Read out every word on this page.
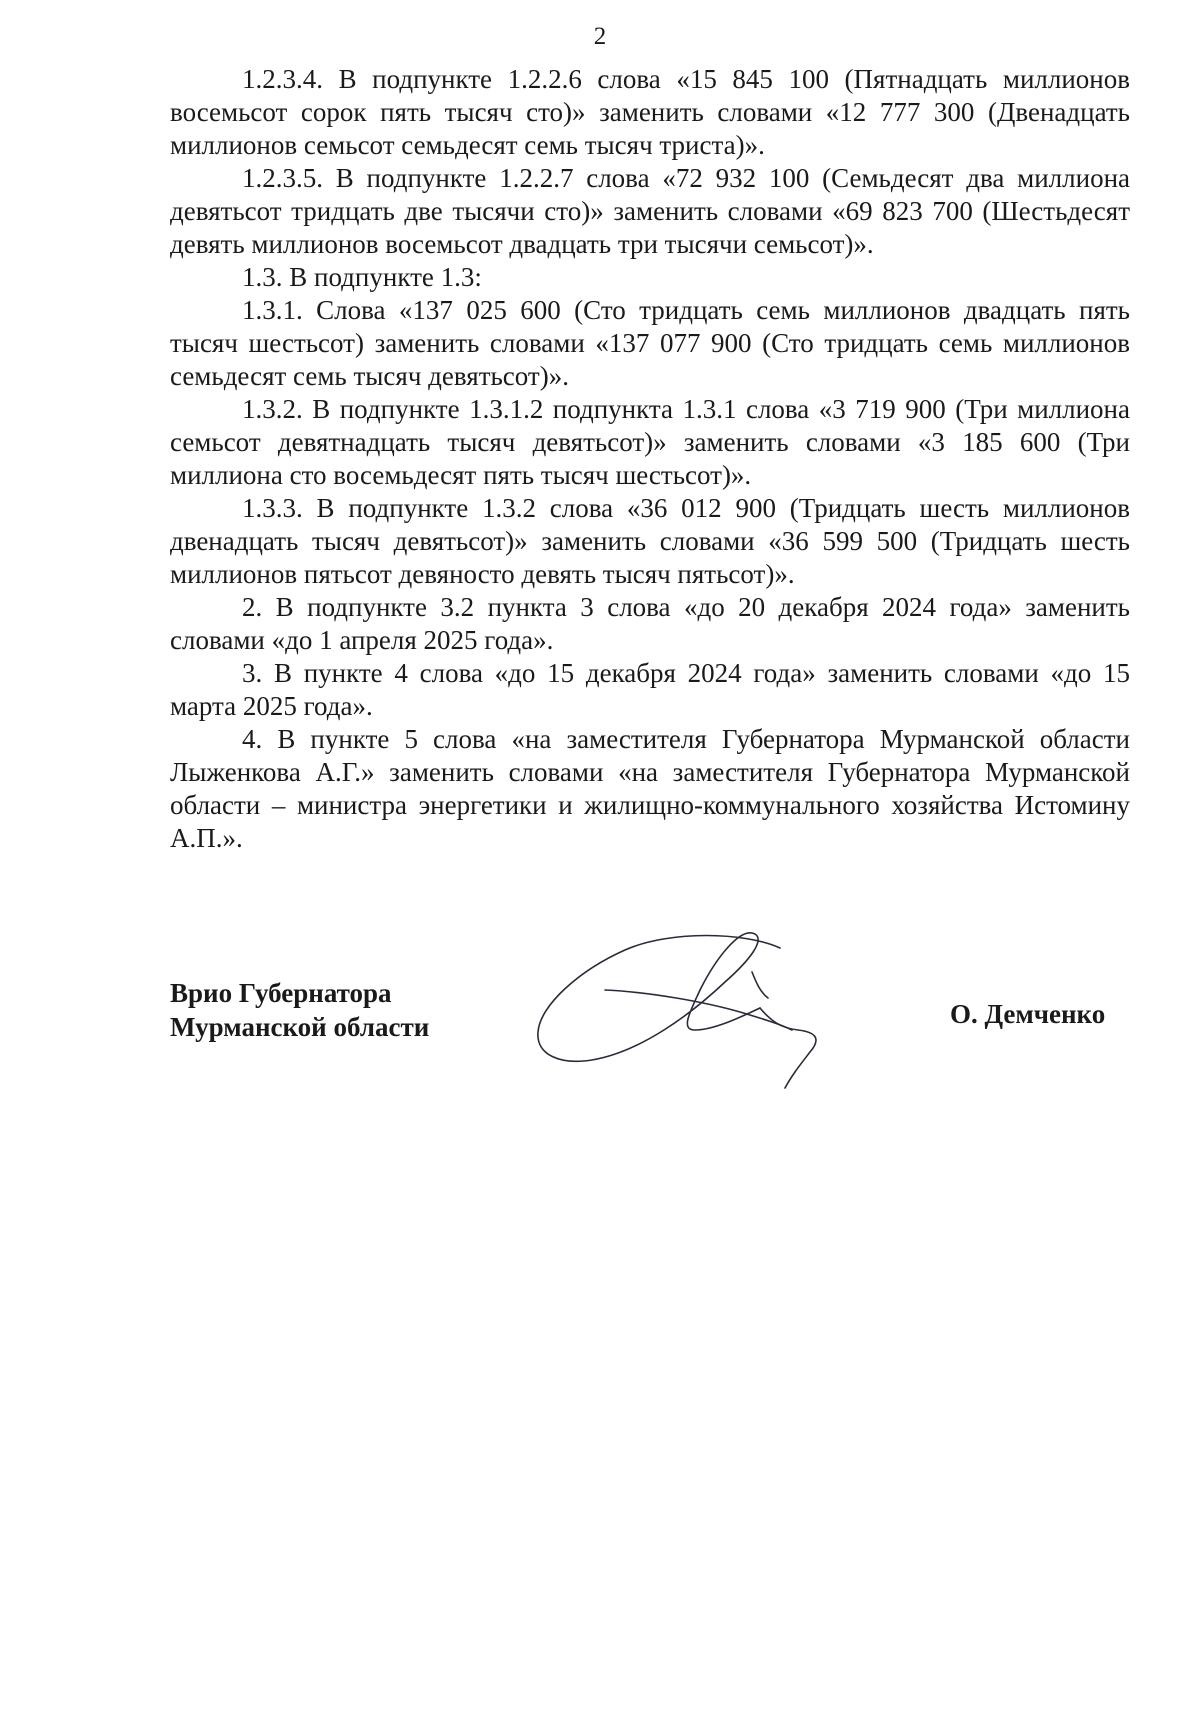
2

1.2.3.4. В подпункте 1.2.2.6 слова «15 845 100 (Пятнадцать миллионов восемьсот сорок пять тысяч сто)» заменить словами «12 777 300 (Двенадцать миллионов семьсот семьдесят семь тысяч триста)».

1.2.3.5. В подпункте 1.2.2.7 слова «72 932 100 (Семьдесят два миллиона девятьсот тридцать две тысячи сто)» заменить словами «69 823 700 (Шестьдесят девять миллионов восемьсот двадцать три тысячи семьсот)».

1.3. В подпункте 1.3:

1.3.1. Слова «137 025 600 (Сто тридцать семь миллионов двадцать пять тысяч шестьсот) заменить словами «137 077 900 (Сто тридцать семь миллионов семьдесят семь тысяч девятьсот)».

1.3.2. В подпункте 1.3.1.2 подпункта 1.3.1 слова «3 719 900 (Три миллиона семьсот девятнадцать тысяч девятьсот)» заменить словами «3 185 600 (Три миллиона сто восемьдесят пять тысяч шестьсот)».

1.3.3. В подпункте 1.3.2 слова «36 012 900 (Тридцать шесть миллионов двенадцать тысяч девятьсот)» заменить словами «36 599 500 (Тридцать шесть миллионов пятьсот девяносто девять тысяч пятьсот)».

2. В подпункте 3.2 пункта 3 слова «до 20 декабря 2024 года» заменить словами «до 1 апреля 2025 года».

3. В пункте 4 слова «до 15 декабря 2024 года» заменить словами «до 15 марта 2025 года».

4. В пункте 5 слова «на заместителя Губернатора Мурманской области Лыженкова А.Г.» заменить словами «на заместителя Губернатора Мурманской области – министра энергетики и жилищно-коммунального хозяйства Истомину А.П.».

Врио Губернатора
Мурманской области	О. Демченко
